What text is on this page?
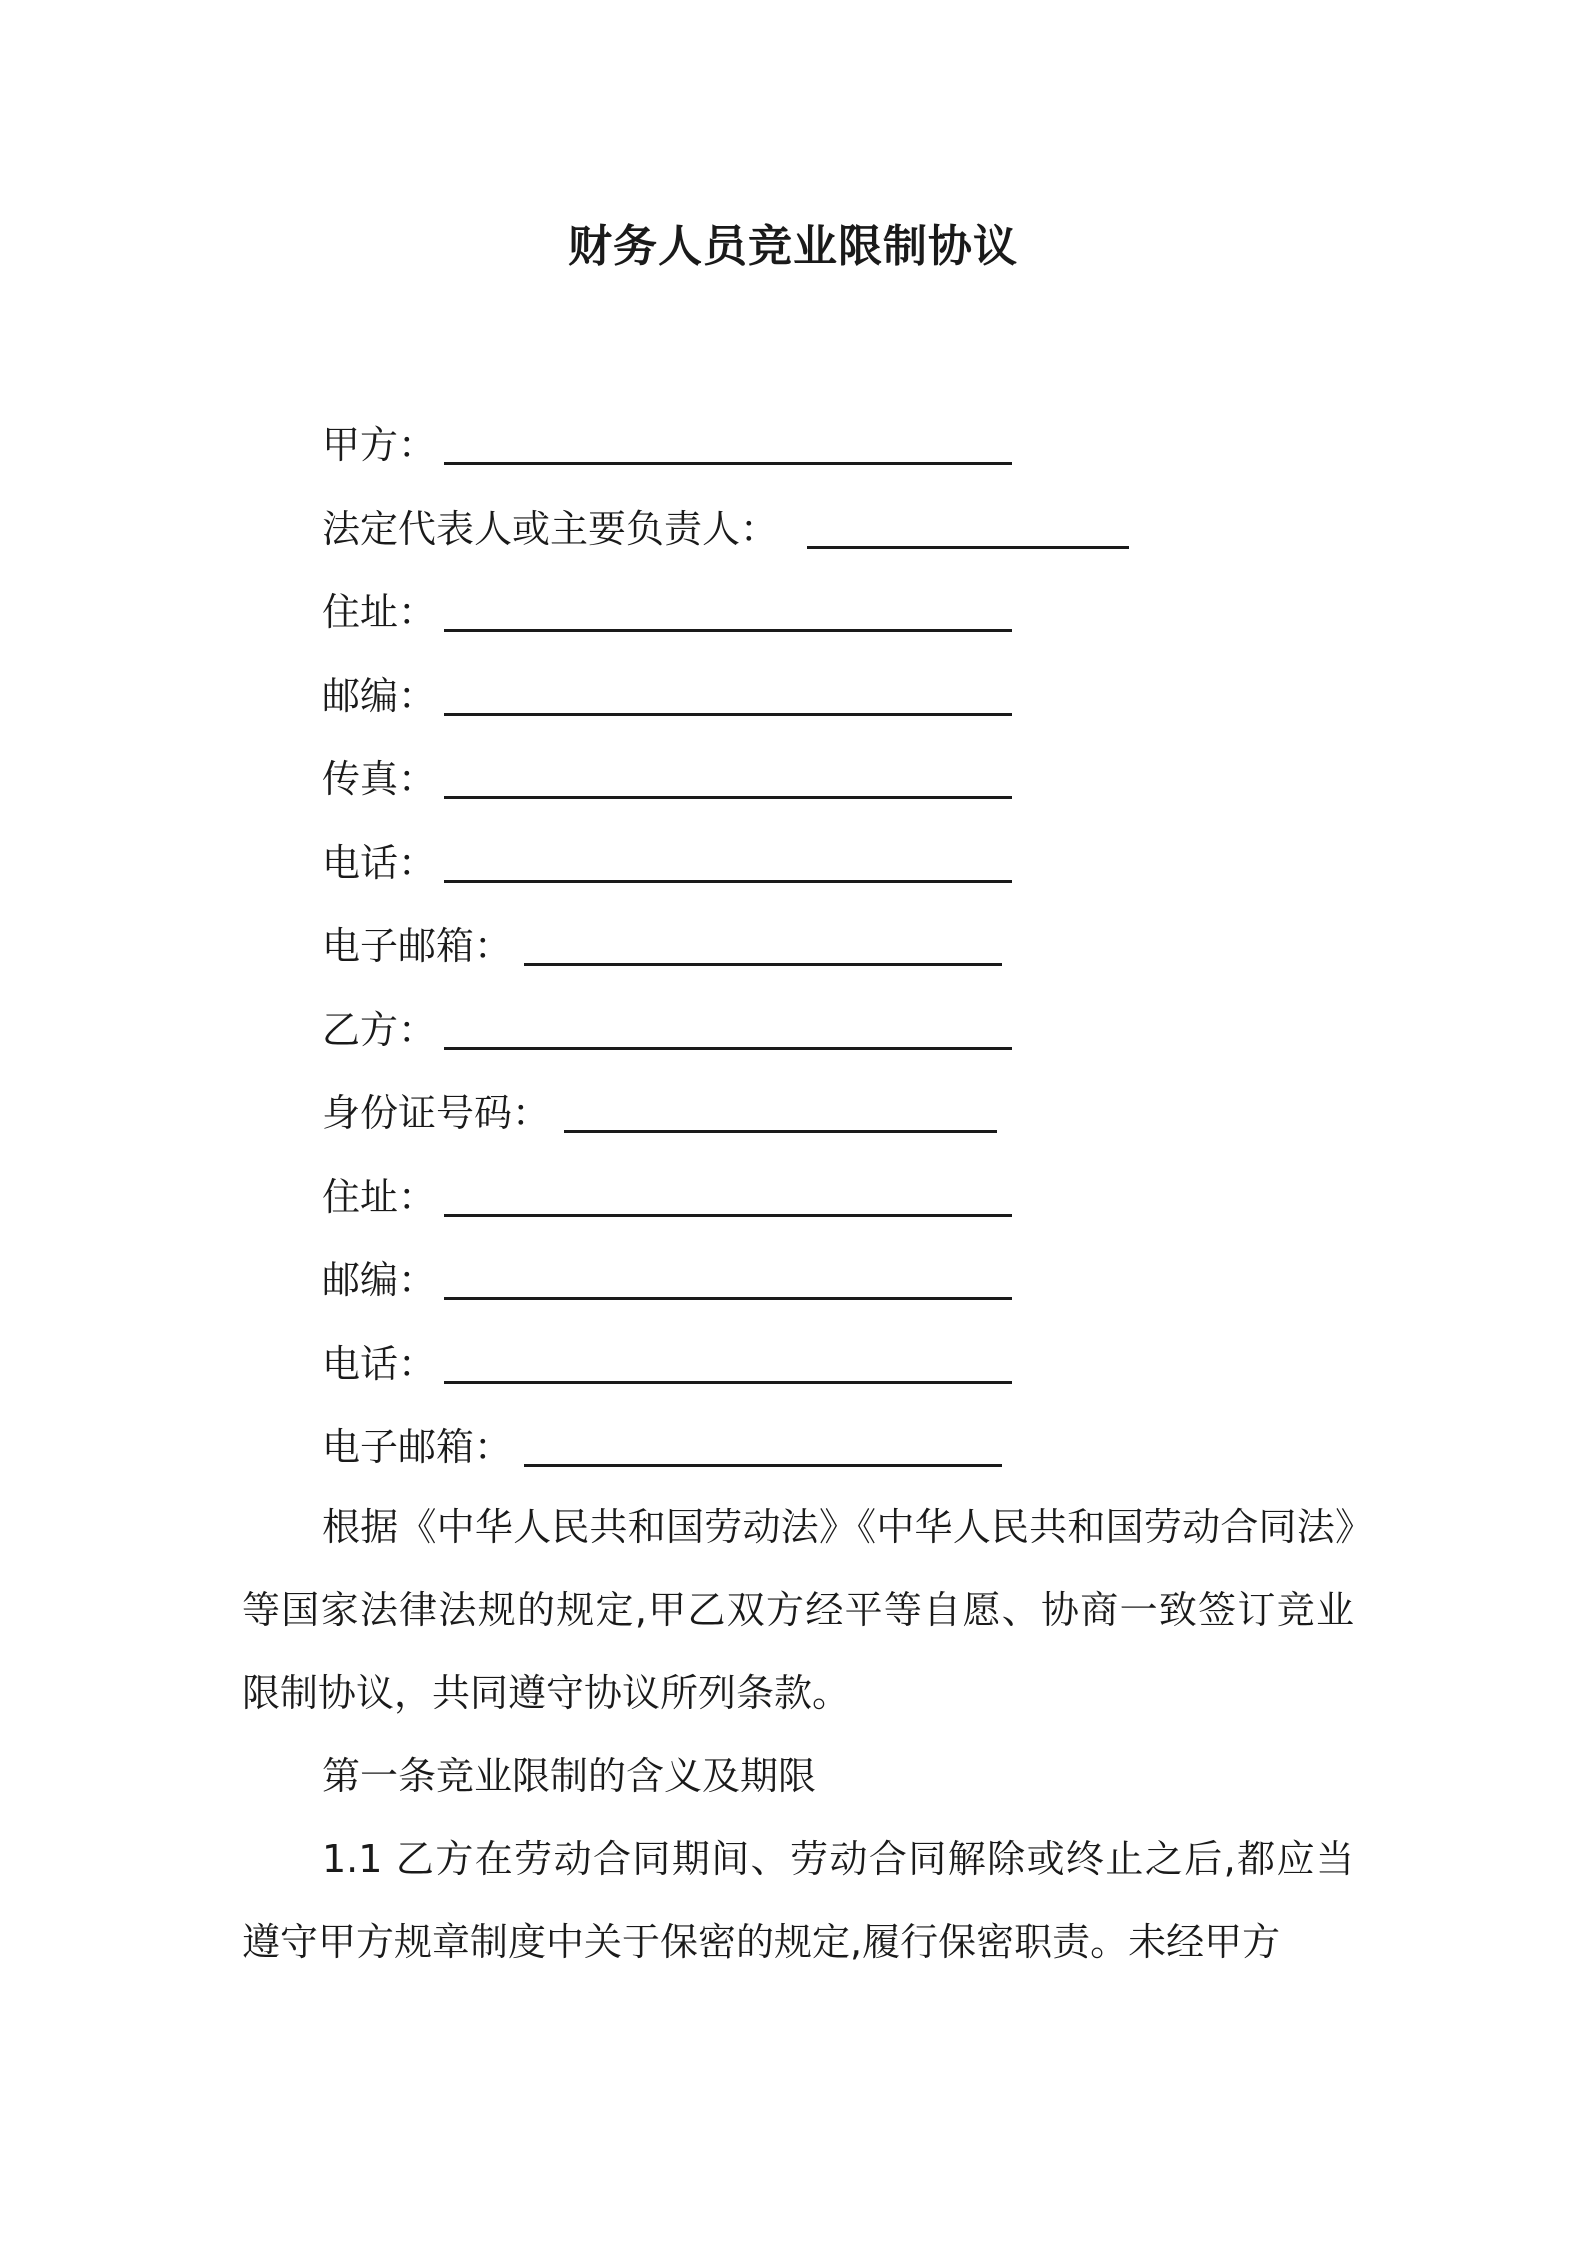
财务人员竞业限制协议
甲方：
法定代表人或主要负责人：
住址：
邮编：
传真：
电话：
电子邮箱：
乙方：
身份证号码：
住址：
邮编：
电话：
电子邮箱：

根据《中华人民共和国劳动法》《中华人民共和国劳动合同法》等国家法律法规的规定,甲乙双方经平等自愿、协商一致签订竞业限制协议，共同遵守协议所列条款。

第一条竞业限制的含义及期限

1.1 乙方在劳动合同期间、劳动合同解除或终止之后,都应当遵守甲方规章制度中关于保密的规定,履行保密职责。未经甲方
